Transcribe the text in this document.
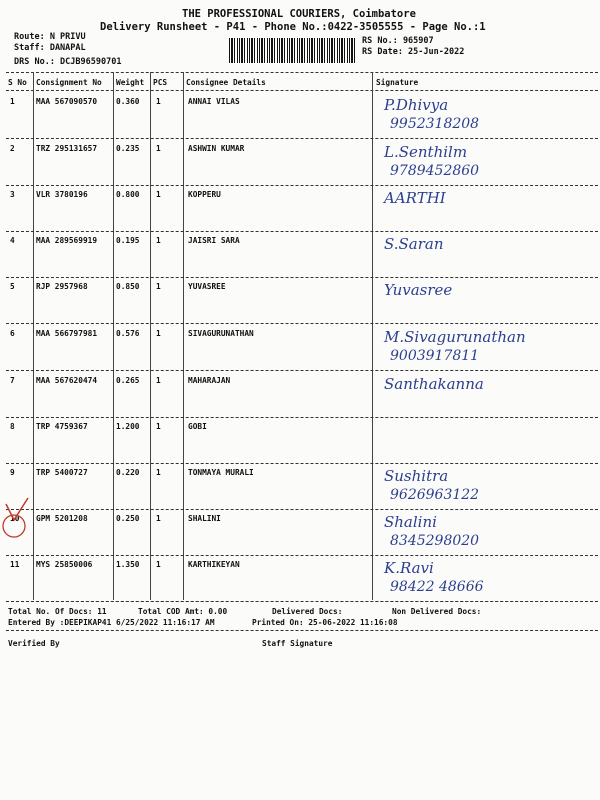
THE PROFESSIONAL COURIERS, Coimbatore
Delivery Runsheet - P41 - Phone No.:0422-3505555 - Page No.:1
Route: N PRIVU
Staff: DANAPAL
DRS No.: DCJB96590701
RS No.: 965907
RS Date: 25-Jun-2022
S No Consignment No Weight PCS Consignee Details	Signature
1	MAA 567090570 0.360 1	ANNAI VILAS	P.Dhivya
9952318208
2	TRZ 295131657 0.235 1	ASHWIN KUMAR	L.Senthilm
9789452860
3	VLR 3780196	0.800 1	KOPPERU	AARTHI
4	MAA 289569919 0.195 1	JAISRI SARA	S.Saran
5	RJP 2957968	0.850 1	YUVASREE	Yuvasree
6	MAA 566797981 0.576 1	SIVAGURUNATHAN	M.Sivagurunathan
9003917811
7	MAA 567620474 0.265 1	MAHARAJAN	Santhakanna
8	TRP 4759367	1.200 1	GOBI
9	TRP 5400727	0.220 1	TONMAYA MURALI	Sushitra
9626963122
10 GPM 5201208	0.250 1	SHALINI	Shalini
8345298020
11 MYS 25850006	1.350 1	KARTHIKEYAN	K.Ravi
98422 48666
Total No. Of Docs: 11	Total COD Amt: 0.00	Delivered Docs:	Non Delivered Docs:
Entered By :DEEPIKAP41 6/25/2022 11:16:17 AM	Printed On: 25-06-2022 11:16:08
Verified By	Staff Signature
